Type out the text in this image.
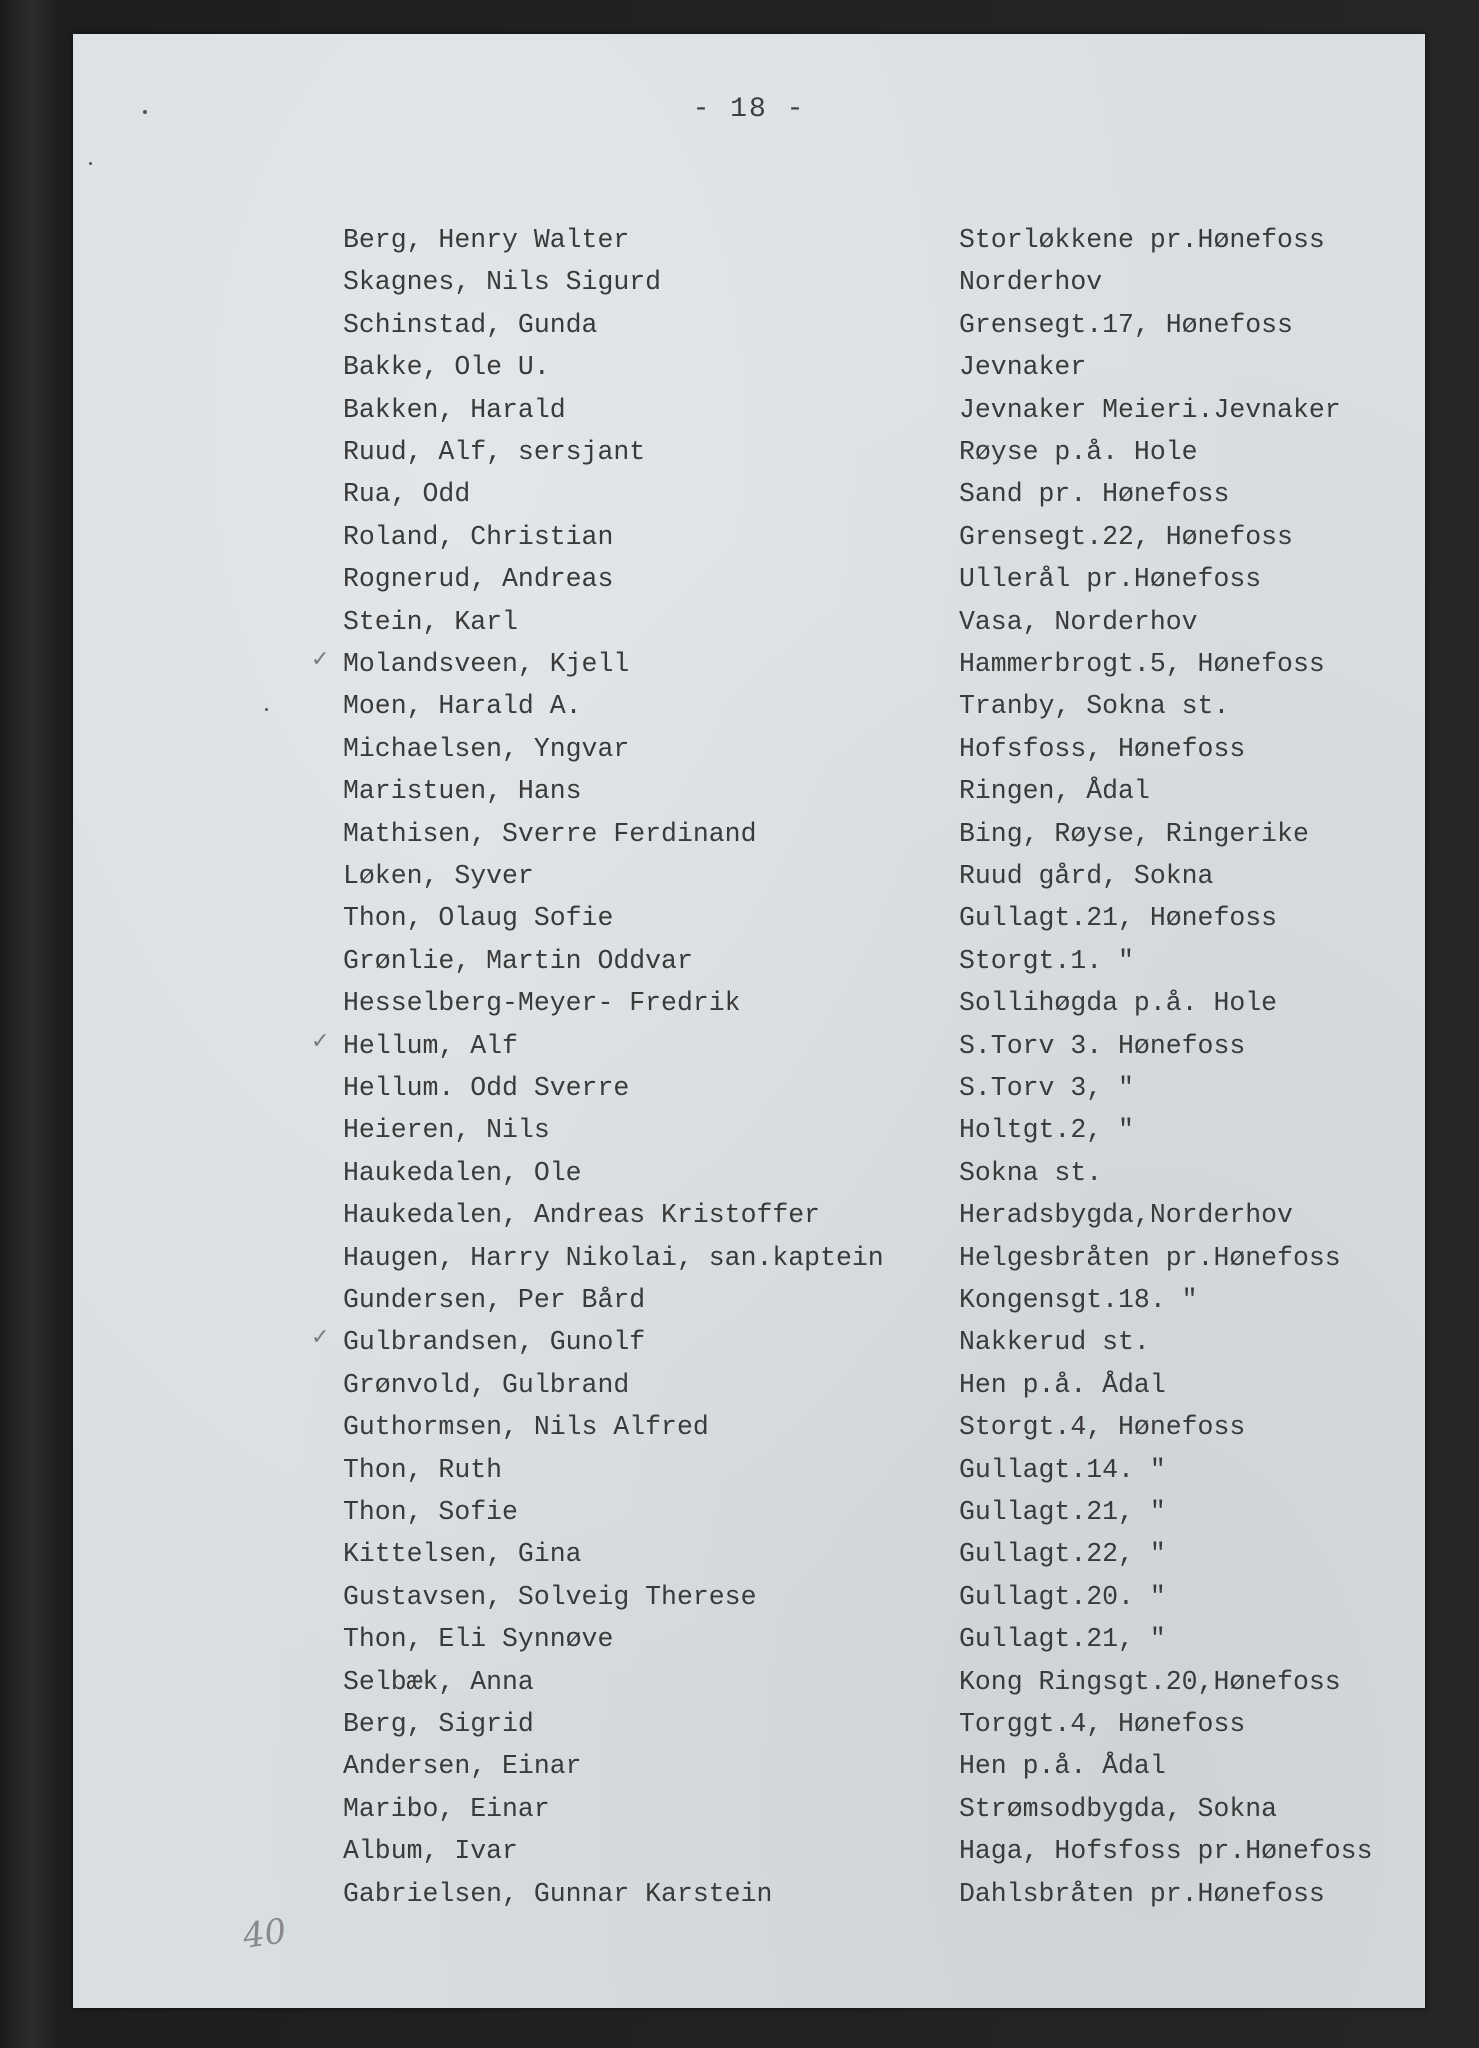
- 18 -
Berg, Henry Walter	Storløkkene pr.Hønefoss
Skagnes, Nils Sigurd	Norderhov
Schinstad, Gunda	Grensegt.17, Hønefoss
Bakke, Ole U.	Jevnaker
Bakken, Harald	Jevnaker Meieri.Jevnaker
Ruud, Alf, sersjant	Røyse p.å. Hole
Rua, Odd	Sand pr. Hønefoss
Roland, Christian	Grensegt.22, Hønefoss
Rognerud, Andreas	Ullerål pr.Hønefoss
Stein, Karl	Vasa, Norderhov
✓ Molandsveen, Kjell	Hammerbrogt.5, Hønefoss
Moen, Harald A.	Tranby, Sokna st.
Michaelsen, Yngvar	Hofsfoss, Hønefoss
Maristuen, Hans	Ringen, Ådal
Mathisen, Sverre Ferdinand	Bing, Røyse, Ringerike
Løken, Syver	Ruud gård, Sokna
Thon, Olaug Sofie	Gullagt.21, Hønefoss
Grønlie, Martin Oddvar	Storgt.1. "
Hesselberg-Meyer- Fredrik	Sollihøgda p.å. Hole
✓ Hellum, Alf	S.Torv 3. Hønefoss
Hellum. Odd Sverre	S.Torv 3, "
Heieren, Nils	Holtgt.2, "
Haukedalen, Ole	Sokna st.
Haukedalen, Andreas Kristoffer	Heradsbygda,Norderhov
Haugen, Harry Nikolai, san.kaptein	Helgesbråten pr.Hønefoss
Gundersen, Per Bård	Kongensgt.18. "
✓ Gulbrandsen, Gunolf	Nakkerud st.
Grønvold, Gulbrand	Hen p.å. Ådal
Guthormsen, Nils Alfred	Storgt.4, Hønefoss
Thon, Ruth	Gullagt.14. "
Thon, Sofie	Gullagt.21, "
Kittelsen, Gina	Gullagt.22, "
Gustavsen, Solveig Therese	Gullagt.20. "
Thon, Eli Synnøve	Gullagt.21, "
Selbæk, Anna	Kong Ringsgt.20,Hønefoss
Berg, Sigrid	Torggt.4, Hønefoss
Andersen, Einar	Hen p.å. Ådal
Maribo, Einar	Strømsodbygda, Sokna
Album, Ivar	Haga, Hofsfoss pr.Hønefoss
Gabrielsen, Gunnar Karstein	Dahlsbråten pr.Hønefoss
40
